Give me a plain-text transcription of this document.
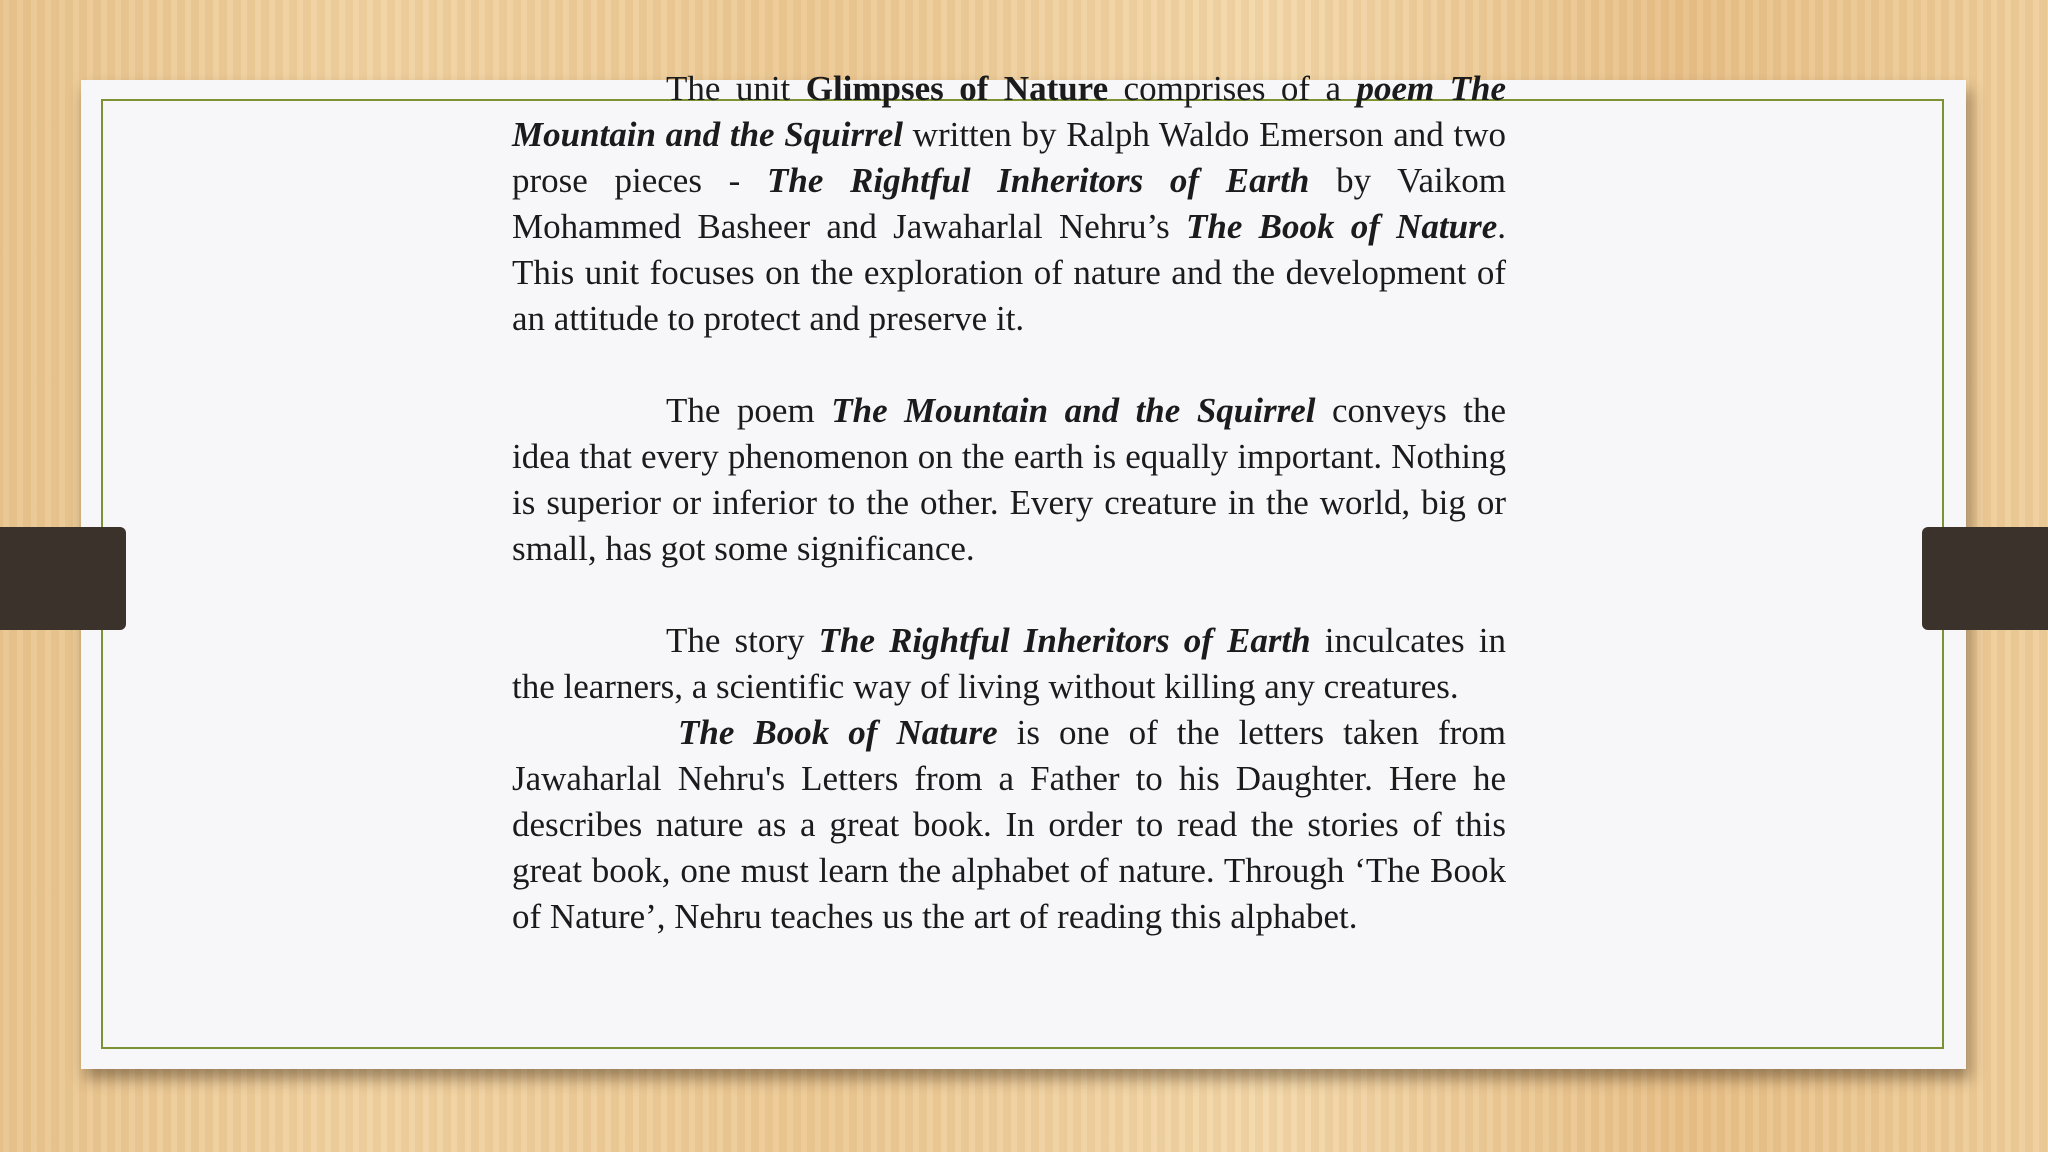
The unit Glimpses of Nature comprises of a poem The Mountain and the Squirrel written by Ralph Waldo Emerson and two prose pieces - The Rightful Inheritors of Earth by Vaikom Mohammed Basheer and Jawaharlal Nehru’s The Book of Nature. This unit focuses on the exploration of nature and the development of an attitude to protect and preserve it.

The poem The Mountain and the Squirrel conveys the idea that every phenomenon on the earth is equally important. Nothing is superior or inferior to the other. Every creature in the world, big or small, has got some significance.

The story The Rightful Inheritors of Earth inculcates in the learners, a scientific way of living without killing any creatures.

The Book of Nature is one of the letters taken from Jawaharlal Nehru's Letters from a Father to his Daughter. Here he describes nature as a great book. In order to read the stories of this great book, one must learn the alphabet of nature. Through ‘The Book of Nature’, Nehru teaches us the art of reading this alphabet.
